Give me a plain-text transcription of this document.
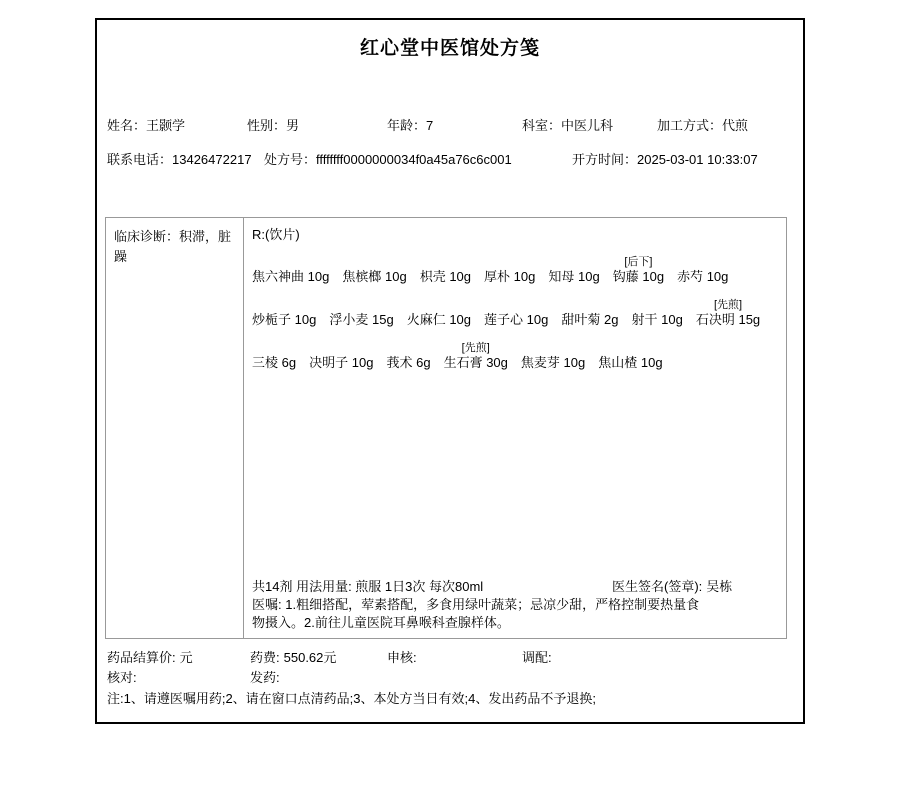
红心堂中医馆处方笺
姓名：王颢学	性别：男	年龄：7	科室：中医儿科	加工方式：代煎
联系电话：13426472217 处方号：ffffffff0000000034f0a45a76c6c001	开方时间：2025-03-01 10:33:07
临床诊断：积滞，脏躁
R:(饮片)
焦六神曲 10g 焦槟榔 10g 枳壳 10g 厚朴 10g 知母 10g
[后下]
钩藤 10g 赤芍 10g
炒栀子 10g 浮小麦 15g 火麻仁 10g 莲子心 10g 甜叶菊 2g 射干 10g
[先煎]
石决明 15g
三棱 6g 决明子 10g 莪术 6g
[先煎]
生石膏 30g 焦麦芽 10g 焦山楂 10g
共14剂 用法用量: 煎服 1日3次 每次80ml	医生签名(签章): 吴栋
医嘱: 1.粗细搭配，荤素搭配，多食用绿叶蔬菜；忌凉少甜，严格控制要热量食物摄入。2.前往儿童医院耳鼻喉科查腺样体。
药品结算价: 元	药费: 550.62元	申核:	调配:
核对:	发药:
注:1、请遵医嘱用药;2、请在窗口点清药品;3、本处方当日有效;4、发出药品不予退换;
